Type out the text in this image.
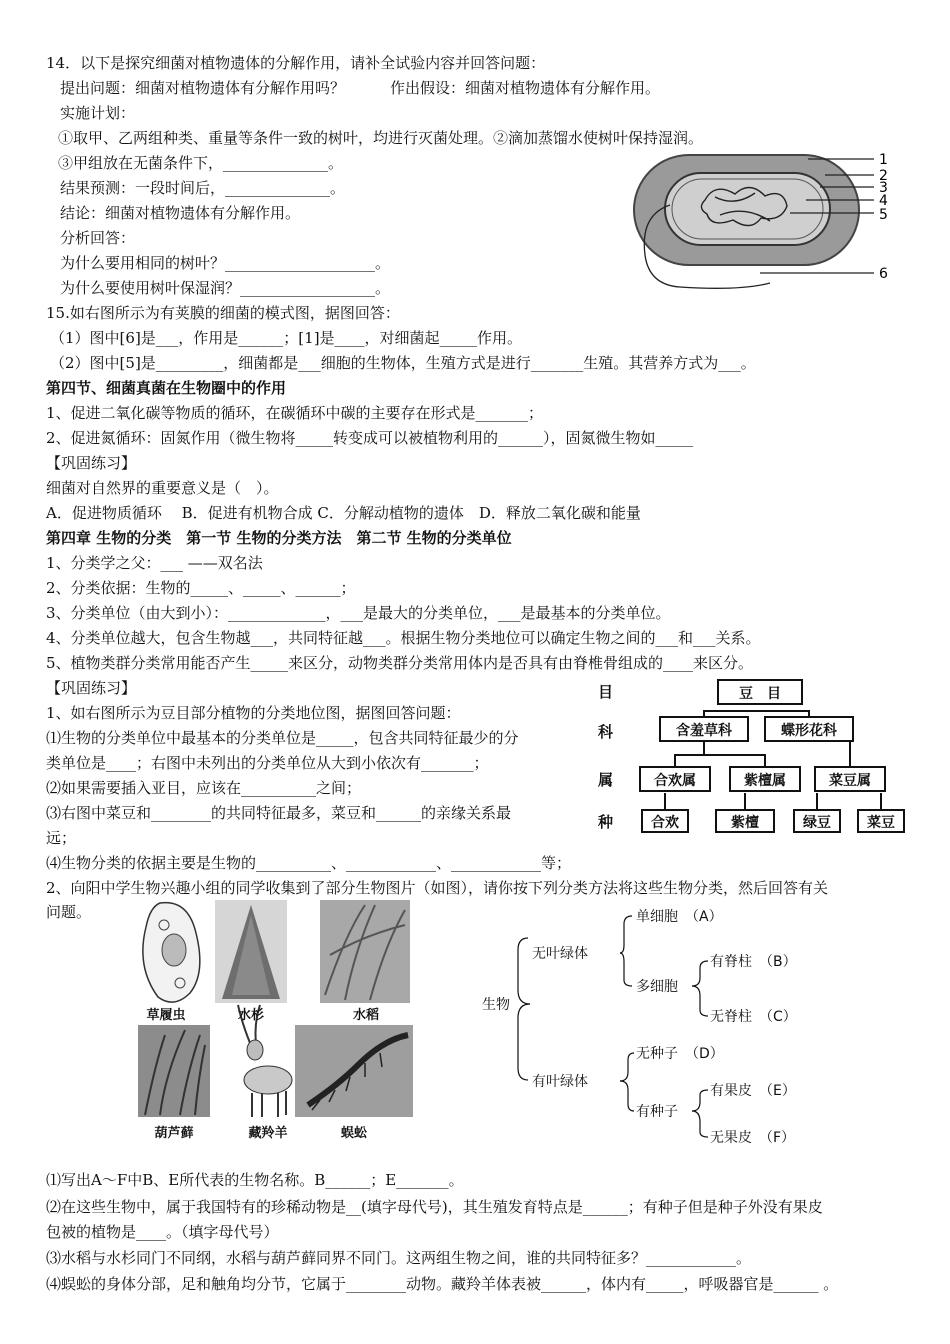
14．以下是探究细菌对植物遗体的分解作用，请补全试验内容并回答问题：
提出问题：细菌对植物遗体有分解作用吗？　　　作出假设：细菌对植物遗体有分解作用。
实施计划：
①取甲、乙两组种类、重量等条件一致的树叶，均进行灭菌处理。②滴加蒸馏水使树叶保持湿润。
③甲组放在无菌条件下，______________。
结果预测：一段时间后，______________。
结论：细菌对植物遗体有分解作用。
分析回答：
为什么要用相同的树叶？____________________。
为什么要使用树叶保湿润？__________________。
1
2
3
4
5
6
15.如右图所示为有荚膜的细菌的模式图，据图回答：
（1）图中[6]是___，作用是______；[1]是____，对细菌起_____作用。
（2）图中[5]是_________，细菌都是___细胞的生物体，生殖方式是进行_______生殖。其营养方式为___。
第四节、细菌真菌在生物圈中的作用
1、促进二氧化碳等物质的循环，在碳循环中碳的主要存在形式是_______；
2、促进氮循环：固氮作用（微生物将_____转变成可以被植物利用的______），固氮微生物如_____
【巩固练习】
细菌对自然界的重要意义是（　）。
A．促进物质循环　 B．促进有机物合成 C．分解动植物的遗体　D．释放二氧化碳和能量
第四章 生物的分类　第一节 生物的分类方法　第二节 生物的分类单位
1、分类学之父：___ ——双名法
2、分类依据：生物的_____、_____、______；
3、分类单位（由大到小）：_____________，___是最大的分类单位，___是最基本的分类单位。
4、分类单位越大，包含生物越___，共同特征越___。根据生物分类地位可以确定生物之间的___和___关系。
5、植物类群分类常用能否产生_____来区分，动物类群分类常用体内是否具有由脊椎骨组成的____来区分。
【巩固练习】
1、如右图所示为豆目部分植物的分类地位图，据图回答问题：
⑴生物的分类单位中最基本的分类单位是_____，包含共同特征最少的分
类单位是____；右图中未列出的分类单位从大到小依次有_______；
⑵如果需要插入亚目，应该在__________之间；
⑶右图中菜豆和________的共同特征最多，菜豆和______的亲缘关系最
远；
⑷生物分类的依据主要是生物的__________、____________、____________等；
2、向阳中学生物兴趣小组的同学收集到了部分生物图片（如图），请你按下列分类方法将这些生物分类，然后回答有关
问题。
目
科
属
种
豆　目
含羞草科	蝶形花科
合欢属	紫檀属	菜豆属
合欢	紫檀	绿豆	菜豆
草履虫	水杉	水稻
葫芦藓	藏羚羊	蜈蚣
生物
无叶绿体
有叶绿体
单细胞　（A）
多细胞
有脊柱　（B）
无脊柱　（C）
无种子　（D）
有种子
有果皮　（E）
无果皮　（F）
⑴写出A～F中B、E所代表的生物名称。B______；E_______。
⑵在这些生物中，属于我国特有的珍稀动物是__(填字母代号)，其生殖发育特点是______；有种子但是种子外没有果皮
包被的植物是____。（填字母代号）
⑶水稻与水杉同门不同纲，水稻与葫芦藓同界不同门。这两组生物之间，谁的共同特征多？____________。
⑷蜈蚣的身体分部，足和触角均分节，它属于________动物。藏羚羊体表被______，体内有_____，呼吸器官是______ 。
